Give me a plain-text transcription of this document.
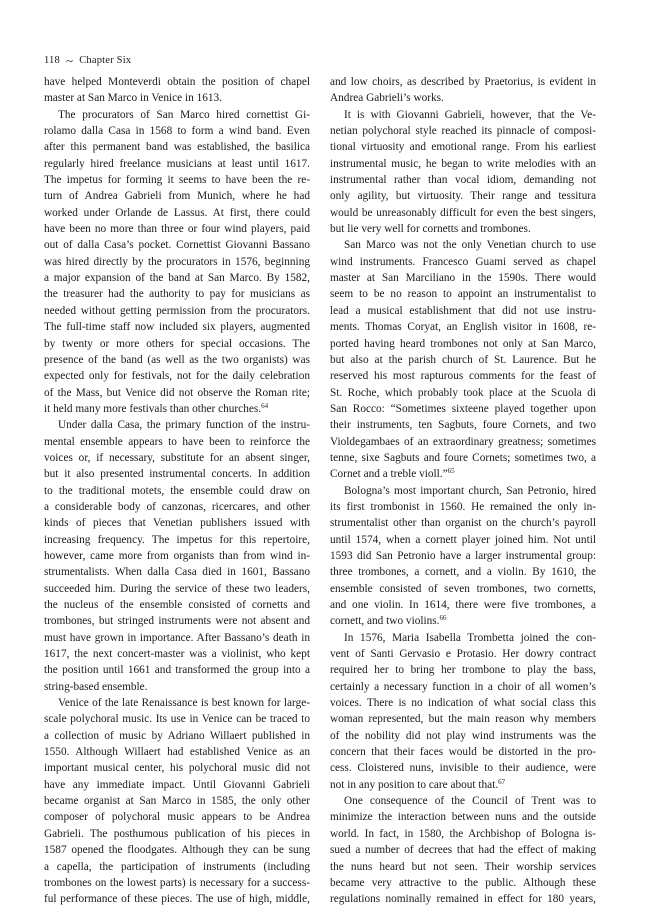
118 ~ Chapter Six
have helped Monteverdi obtain the position of chapel
master at San Marco in Venice in 1613.
The procurators of San Marco hired cornettist Gi-
rolamo dalla Casa in 1568 to form a wind band. Even
after this permanent band was established, the basilica
regularly hired freelance musicians at least until 1617.
The impetus for forming it seems to have been the re-
turn of Andrea Gabrieli from Munich, where he had
worked under Orlande de Lassus. At first, there could
have been no more than three or four wind players, paid
out of dalla Casa’s pocket. Cornettist Giovanni Bassano
was hired directly by the procurators in 1576, beginning
a major expansion of the band at San Marco. By 1582,
the treasurer had the authority to pay for musicians as
needed without getting permission from the procurators.
The full-time staff now included six players, augmented
by twenty or more others for special occasions. The
presence of the band (as well as the two organists) was
expected only for festivals, not for the daily celebration
of the Mass, but Venice did not observe the Roman rite;
it held many more festivals than other churches.$^{64}$
Under dalla Casa, the primary function of the instru-
mental ensemble appears to have been to reinforce the
voices or, if necessary, substitute for an absent singer,
but it also presented instrumental concerts. In addition
to the traditional motets, the ensemble could draw on
a considerable body of canzonas, ricercares, and other
kinds of pieces that Venetian publishers issued with
increasing frequency. The impetus for this repertoire,
however, came more from organists than from wind in-
strumentalists. When dalla Casa died in 1601, Bassano
succeeded him. During the service of these two leaders,
the nucleus of the ensemble consisted of cornetts and
trombones, but stringed instruments were not absent and
must have grown in importance. After Bassano’s death in
1617, the next concert-master was a violinist, who kept
the position until 1661 and transformed the group into a
string-based ensemble.
Venice of the late Renaissance is best known for large-
scale polychoral music. Its use in Venice can be traced to
a collection of music by Adriano Willaert published in
1550. Although Willaert had established Venice as an
important musical center, his polychoral music did not
have any immediate impact. Until Giovanni Gabrieli
became organist at San Marco in 1585, the only other
composer of polychoral music appears to be Andrea
Gabrieli. The posthumous publication of his pieces in
1587 opened the floodgates. Although they can be sung
a capella, the participation of instruments (including
trombones on the lowest parts) is necessary for a success-
ful performance of these pieces. The use of high, middle,
and low choirs, as described by Praetorius, is evident in
Andrea Gabrieli’s works.
It is with Giovanni Gabrieli, however, that the Ve-
netian polychoral style reached its pinnacle of composi-
tional virtuosity and emotional range. From his earliest
instrumental music, he began to write melodies with an
instrumental rather than vocal idiom, demanding not
only agility, but virtuosity. Their range and tessitura
would be unreasonably difficult for even the best singers,
but lie very well for cornetts and trombones.
San Marco was not the only Venetian church to use
wind instruments. Francesco Guami served as chapel
master at San Marciliano in the 1590s. There would
seem to be no reason to appoint an instrumentalist to
lead a musical establishment that did not use instru-
ments. Thomas Coryat, an English visitor in 1608, re-
ported having heard trombones not only at San Marco,
but also at the parish church of St. Laurence. But he
reserved his most rapturous comments for the feast of
St. Roche, which probably took place at the Scuola di
San Rocco: “Sometimes sixteene played together upon
their instruments, ten Sagbuts, foure Cornets, and two
Violdegambaes of an extraordinary greatness; sometimes
tenne, sixe Sagbuts and foure Cornets; sometimes two, a
Cornet and a treble violl.”$^{65}$
Bologna’s most important church, San Petronio, hired
its first trombonist in 1560. He remained the only in-
strumentalist other than organist on the church’s payroll
until 1574, when a cornett player joined him. Not until
1593 did San Petronio have a larger instrumental group:
three trombones, a cornett, and a violin. By 1610, the
ensemble consisted of seven trombones, two cornetts,
and one violin. In 1614, there were five trombones, a
cornett, and two violins.$^{66}$
In 1576, Maria Isabella Trombetta joined the con-
vent of Santi Gervasio e Protasio. Her dowry contract
required her to bring her trombone to play the bass,
certainly a necessary function in a choir of all women’s
voices. There is no indication of what social class this
woman represented, but the main reason why members
of the nobility did not play wind instruments was the
concern that their faces would be distorted in the pro-
cess. Cloistered nuns, invisible to their audience, were
not in any position to care about that.$^{67}$
One consequence of the Council of Trent was to
minimize the interaction between nuns and the outside
world. In fact, in 1580, the Archbishop of Bologna is-
sued a number of decrees that had the effect of making
the nuns heard but not seen. Their worship services
became very attractive to the public. Although these
regulations nominally remained in effect for 180 years,
